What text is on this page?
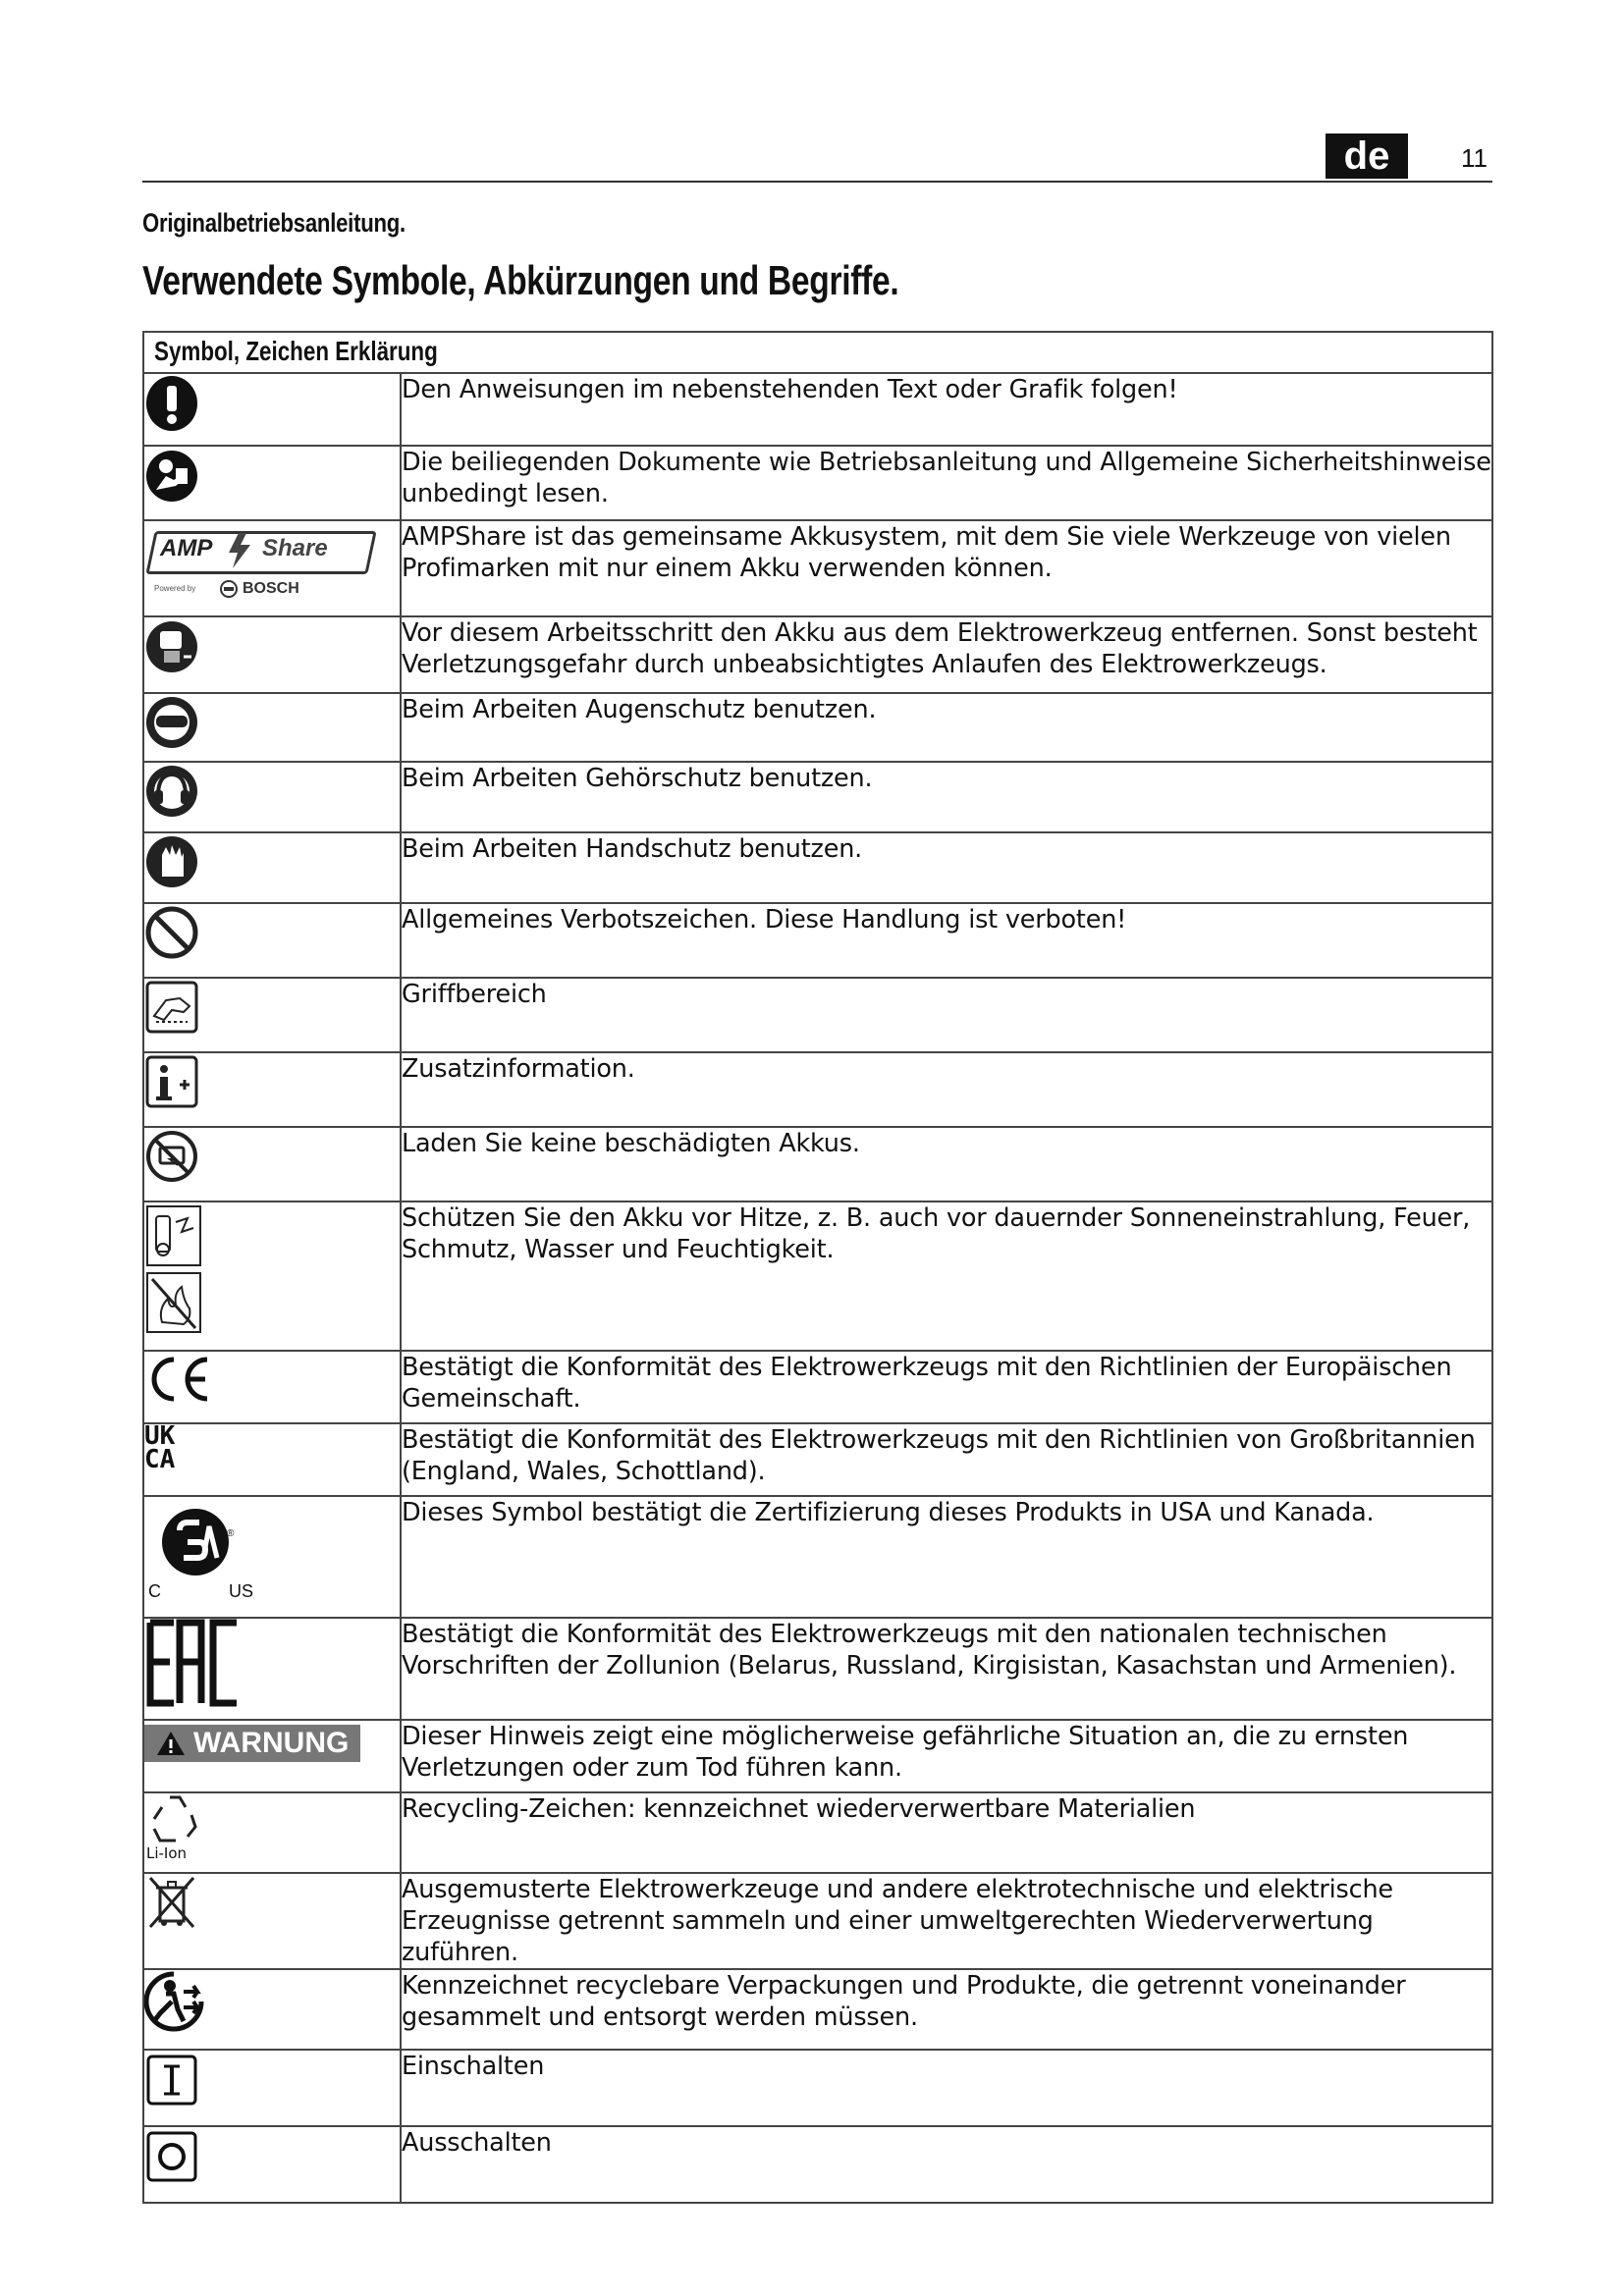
de	11
Originalbetriebsanleitung.
Verwendete Symbole, Abkürzungen und Begriffe.
Symbol, Zeichen Erklärung	

	Den Anweisungen im nebenstehenden Text oder Grafik folgen!

	Die beiliegenden Dokumente wie Betriebsanleitung und Allgemeine Sicherheitshinweise unbedingt lesen.

AMP Share
Powered by BOSCH	AMPShare ist das gemeinsame Akkusystem, mit dem Sie viele Werkzeuge von vielen Profimarken mit nur einem Akku verwenden können.

	Vor diesem Arbeitsschritt den Akku aus dem Elektrowerkzeug entfernen. Sonst besteht Verletzungsgefahr durch unbeabsichtigtes Anlaufen des Elektrowerkzeugs.

	Beim Arbeiten Augenschutz benutzen.

	Beim Arbeiten Gehörschutz benutzen.

	Beim Arbeiten Handschutz benutzen.

	Allgemeines Verbotszeichen. Diese Handlung ist verboten!

	Griffbereich

	Zusatzinformation.

	Laden Sie keine beschädigten Akkus.

	Schützen Sie den Akku vor Hitze, z. B. auch vor dauernder Sonneneinstrahlung, Feuer, Schmutz, Wasser und Feuchtigkeit.

	Bestätigt die Konformität des Elektrowerkzeugs mit den Richtlinien der Europäischen Gemeinschaft.

UK
CA	Bestätigt die Konformität des Elektrowerkzeugs mit den Richtlinien von Großbritannien (England, Wales, Schottland).

®
C US	Dieses Symbol bestätigt die Zertifizierung dieses Produkts in USA und Kanada.

	Bestätigt die Konformität des Elektrowerkzeugs mit den nationalen technischen Vorschriften der Zollunion (Belarus, Russland, Kirgisistan, Kasachstan und Armenien).

WARNUNG	Dieser Hinweis zeigt eine möglicherweise gefährliche Situation an, die zu ernsten Verletzungen oder zum Tod führen kann.

Li-Ion	Recycling-Zeichen: kennzeichnet wiederverwertbare Materialien

	Ausgemusterte Elektrowerkzeuge und andere elektrotechnische und elektrische Erzeugnisse getrennt sammeln und einer umweltgerechten Wiederverwertung zuführen.

	Kennzeichnet recyclebare Verpackungen und Produkte, die getrennt voneinander gesammelt und entsorgt werden müssen.

	Einschalten

	Ausschalten
